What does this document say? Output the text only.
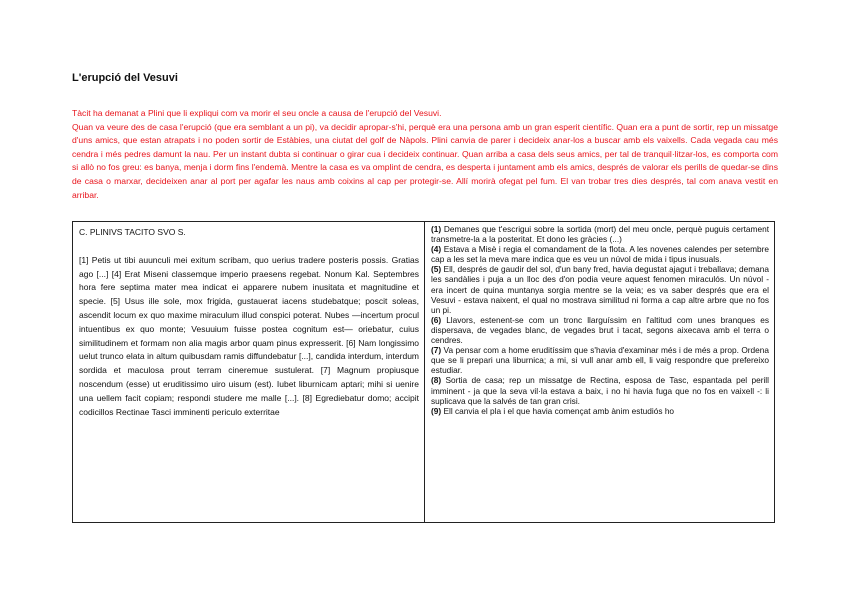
L'erupció del Vesuvi

Tàcit ha demanat a Plini que li expliqui com va morir el seu oncle a causa de l'erupció del Vesuvi.

Quan va veure des de casa l'erupció (que era semblant a un pi), va decidir apropar-s'hi, perquè era una persona amb un gran esperit científic. Quan era a punt de sortir, rep un missatge d'uns amics, que estan atrapats i no poden sortir de Estàbies, una ciutat del golf de Nàpols. Plini canvia de parer i decideix anar-los a buscar amb els vaixells. Cada vegada cau més cendra i més pedres damunt la nau. Per un instant dubta si continuar o girar cua i decideix continuar. Quan arriba a casa dels seus amics, per tal de tranquil·litzar-los, es comporta com si allò no fos greu: es banya, menja i dorm fins l'endemà. Mentre la casa es va omplint de cendra, es desperta i juntament amb els amics, després de valorar els perills de quedar-se dins de casa o marxar, decideixen anar al port per agafar les naus amb coixins al cap per protegir-se. Allí morirà ofegat pel fum. El van trobar tres dies després, tal com anava vestit en arribar.

C. PLINIVS TACITO SVO S.

[1] Petis ut tibi auunculi mei exitum scribam, quo uerius tradere posteris possis. Gratias ago [...] [4] Erat Miseni classemque imperio praesens regebat. Nonum Kal. Septembres hora fere septima mater mea indicat ei apparere nubem inusitata et magnitudine et specie. [5] Usus ille sole, mox frigida, gustauerat iacens studebatque; poscit soleas, ascendit locum ex quo maxime miraculum illud conspici poterat. Nubes —incertum procul intuentibus ex quo monte; Vesuuium fuisse postea cognitum est— oriebatur, cuius similitudinem et formam non alia magis arbor quam pinus expresserit. [6] Nam longissimo uelut trunco elata in altum quibusdam ramis diffundebatur [...], candida interdum, interdum sordida et maculosa prout terram cineremue sustulerat. [7] Magnum propiusque noscendum (esse) ut eruditissimo uiro uisum (est). Iubet liburnicam aptari; mihi si uenire una uellem facit copiam; respondi studere me malle [...]. [8] Egrediebatur domo; accipit codicillos Rectinae Tasci imminenti periculo exterritae

(1) Demanes que t'escrigui sobre la sortida (mort) del meu oncle, perquè puguis certament transmetre-la a la posteritat. Et dono les gràcies (...)

(4) Estava a Misè i regia el comandament de la flota. A les novenes calendes per setembre cap a les set la meva mare indica que es veu un núvol de mida i tipus inusuals.

(5) Ell, després de gaudir del sol, d'un bany fred, havia degustat ajagut i treballava; demana les sandàlies i puja a un lloc des d'on podia veure aquest fenomen miraculós. Un núvol - era incert de quina muntanya sorgia mentre se la veia; es va saber després que era el Vesuvi - estava naixent, el qual no mostrava similitud ni forma a cap altre arbre que no fos un pi.

(6) Llavors, estenent-se com un tronc llarguíssim en l'altitud com unes branques es dispersava, de vegades blanc, de vegades brut i tacat, segons aixecava amb el terra o cendres.

(7) Va pensar com a home eruditíssim que s'havia d'examinar més i de més a prop. Ordena que se li prepari una liburnica; a mi, si vull anar amb ell, li vaig respondre que prefereixo estudiar.

(8) Sortia de casa; rep un missatge de Rectina, esposa de Tasc, espantada pel perill imminent - ja que la seva vil·la estava a baix, i no hi havia fuga que no fos en vaixell -: li suplicava que la salvés de tan gran crisi.

(9) Ell canvia el pla i el que havia començat amb ànim estudiós ho
